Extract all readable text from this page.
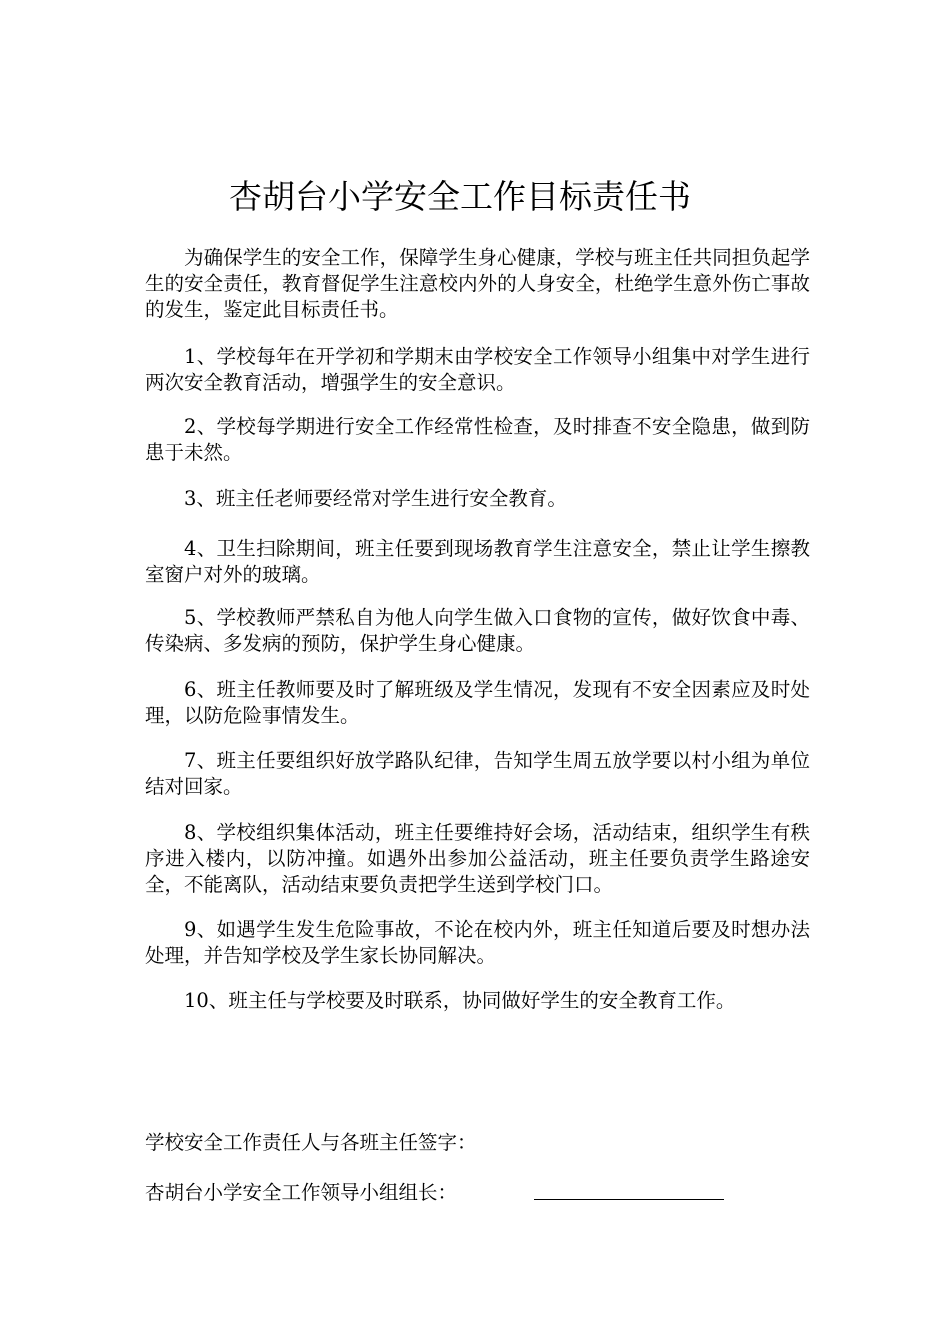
杏胡台小学安全工作目标责任书

为确保学生的安全工作，保障学生身心健康，学校与班主任共同担负起学生的安全责任，教育督促学生注意校内外的人身安全，杜绝学生意外伤亡事故的发生，鉴定此目标责任书。

1、学校每年在开学初和学期末由学校安全工作领导小组集中对学生进行两次安全教育活动，增强学生的安全意识。

2、学校每学期进行安全工作经常性检查，及时排查不安全隐患，做到防患于未然。

3、班主任老师要经常对学生进行安全教育。

4、卫生扫除期间，班主任要到现场教育学生注意安全，禁止让学生擦教室窗户对外的玻璃。

5、学校教师严禁私自为他人向学生做入口食物的宣传，做好饮食中毒、传染病、多发病的预防，保护学生身心健康。

6、班主任教师要及时了解班级及学生情况，发现有不安全因素应及时处理，以防危险事情发生。

7、班主任要组织好放学路队纪律，告知学生周五放学要以村小组为单位结对回家。

8、学校组织集体活动，班主任要维持好会场，活动结束，组织学生有秩序进入楼内，以防冲撞。如遇外出参加公益活动，班主任要负责学生路途安全，不能离队，活动结束要负责把学生送到学校门口。

9、如遇学生发生危险事故，不论在校内外，班主任知道后要及时想办法处理，并告知学校及学生家长协同解决。

10、班主任与学校要及时联系，协同做好学生的安全教育工作。

学校安全工作责任人与各班主任签字：
杏胡台小学安全工作领导小组组长：
